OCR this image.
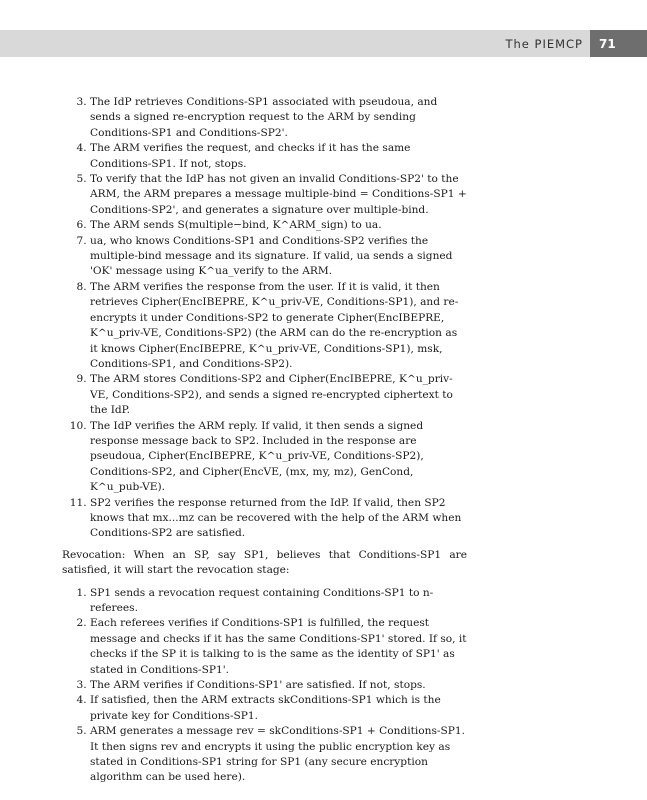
The PIEMCP	71
3. The IdP retrieves Conditions-SP1 associated with pseudoua, and sends a signed re-encryption request to the ARM by sending Conditions-SP1 and Conditions-SP2'.
4. The ARM verifies the request, and checks if it has the same Conditions-SP1. If not, stops.
5. To verify that the IdP has not given an invalid Conditions-SP2' to the ARM, the ARM prepares a message multiple-bind = Conditions-SP1 + Conditions-SP2', and generates a signature over multiple-bind.
6. The ARM sends S(multiple−bind, K^ARM_sign) to ua.
7. ua, who knows Conditions-SP1 and Conditions-SP2 verifies the multiple-bind message and its signature. If valid, ua sends a signed 'OK' message using K^ua_verify to the ARM.
8. The ARM verifies the response from the user. If it is valid, it then retrieves Cipher(EncIBEPRE, K^u_priv-VE, Conditions-SP1), and re-encrypts it under Conditions-SP2 to generate Cipher(EncIBEPRE, K^u_priv-VE, Conditions-SP2) (the ARM can do the re-encryption as it knows Cipher(EncIBEPRE, K^u_priv-VE, Conditions-SP1), msk, Conditions-SP1, and Conditions-SP2).
9. The ARM stores Conditions-SP2 and Cipher(EncIBEPRE, K^u_priv-VE, Conditions-SP2), and sends a signed re-encrypted ciphertext to the IdP.
10. The IdP verifies the ARM reply. If valid, it then sends a signed response message back to SP2. Included in the response are pseudoua, Cipher(EncIBEPRE, K^u_priv-VE, Conditions-SP2), Conditions-SP2, and Cipher(EncVE, (mx, my, mz), GenCond, K^u_pub-VE).
11. SP2 verifies the response returned from the IdP. If valid, then SP2 knows that mx...mz can be recovered with the help of the ARM when Conditions-SP2 are satisfied.

Revocation: When an SP, say SP1, believes that Conditions-SP1 are satisfied, it will start the revocation stage:

1. SP1 sends a revocation request containing Conditions-SP1 to n-referees.
2. Each referees verifies if Conditions-SP1 is fulfilled, the request message and checks if it has the same Conditions-SP1' stored. If so, it checks if the SP it is talking to is the same as the identity of SP1' as stated in Conditions-SP1'.
3. The ARM verifies if Conditions-SP1' are satisfied. If not, stops.
4. If satisfied, then the ARM extracts skConditions-SP1 which is the private key for Conditions-SP1.
5. ARM generates a message rev = skConditions-SP1 + Conditions-SP1. It then signs rev and encrypts it using the public encryption key as stated in Conditions-SP1 string for SP1 (any secure encryption algorithm can be used here).
